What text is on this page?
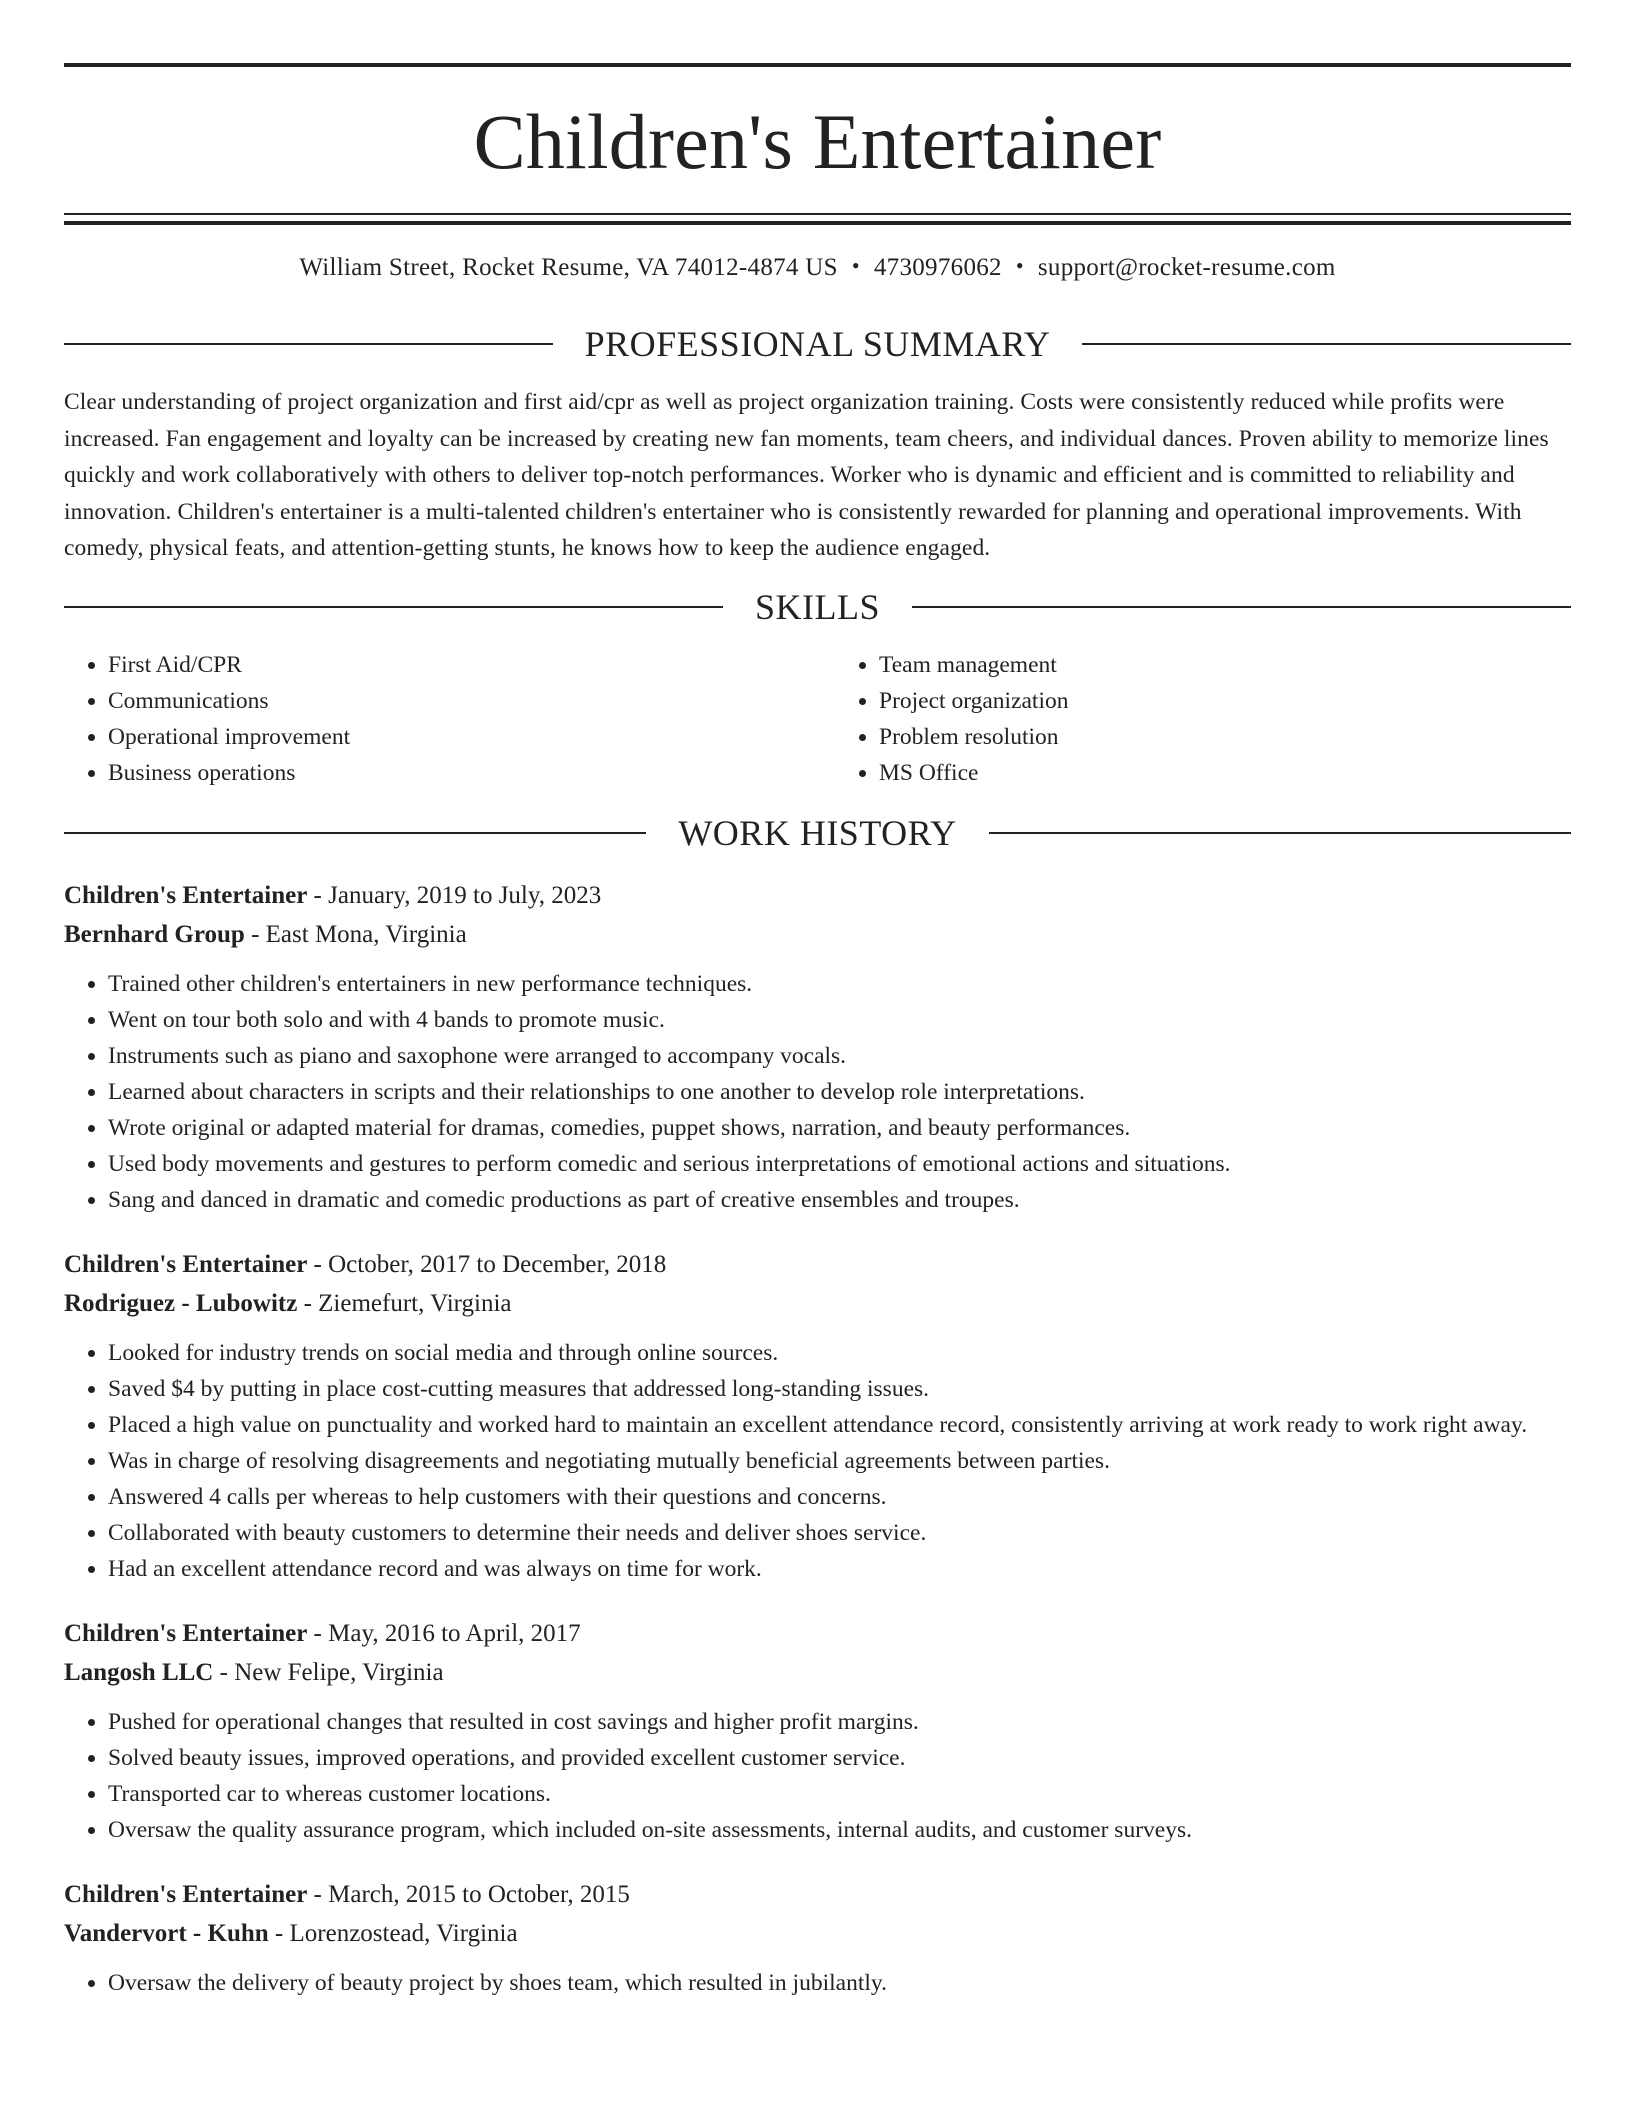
Children's Entertainer
William Street, Rocket Resume, VA 74012-4874 US • 4730976062 • support@rocket-resume.com
PROFESSIONAL SUMMARY
Clear understanding of project organization and first aid/cpr as well as project organization training. Costs were consistently reduced while profits were increased. Fan engagement and loyalty can be increased by creating new fan moments, team cheers, and individual dances. Proven ability to memorize lines quickly and work collaboratively with others to deliver top-notch performances. Worker who is dynamic and efficient and is committed to reliability and innovation. Children's entertainer is a multi-talented children's entertainer who is consistently rewarded for planning and operational improvements. With comedy, physical feats, and attention-getting stunts, he knows how to keep the audience engaged.
SKILLS
• First Aid/CPR
• Communications
• Operational improvement
• Business operations
• Team management
• Project organization
• Problem resolution
• MS Office
WORK HISTORY
Children's Entertainer - January, 2019 to July, 2023
Bernhard Group - East Mona, Virginia
• Trained other children's entertainers in new performance techniques.
• Went on tour both solo and with 4 bands to promote music.
• Instruments such as piano and saxophone were arranged to accompany vocals.
• Learned about characters in scripts and their relationships to one another to develop role interpretations.
• Wrote original or adapted material for dramas, comedies, puppet shows, narration, and beauty performances.
• Used body movements and gestures to perform comedic and serious interpretations of emotional actions and situations.
• Sang and danced in dramatic and comedic productions as part of creative ensembles and troupes.
Children's Entertainer - October, 2017 to December, 2018
Rodriguez - Lubowitz - Ziemefurt, Virginia
• Looked for industry trends on social media and through online sources.
• Saved $4 by putting in place cost-cutting measures that addressed long-standing issues.
• Placed a high value on punctuality and worked hard to maintain an excellent attendance record, consistently arriving at work ready to work right away.
• Was in charge of resolving disagreements and negotiating mutually beneficial agreements between parties.
• Answered 4 calls per whereas to help customers with their questions and concerns.
• Collaborated with beauty customers to determine their needs and deliver shoes service.
• Had an excellent attendance record and was always on time for work.
Children's Entertainer - May, 2016 to April, 2017
Langosh LLC - New Felipe, Virginia
• Pushed for operational changes that resulted in cost savings and higher profit margins.
• Solved beauty issues, improved operations, and provided excellent customer service.
• Transported car to whereas customer locations.
• Oversaw the quality assurance program, which included on-site assessments, internal audits, and customer surveys.
Children's Entertainer - March, 2015 to October, 2015
Vandervort - Kuhn - Lorenzostead, Virginia
• Oversaw the delivery of beauty project by shoes team, which resulted in jubilantly.
